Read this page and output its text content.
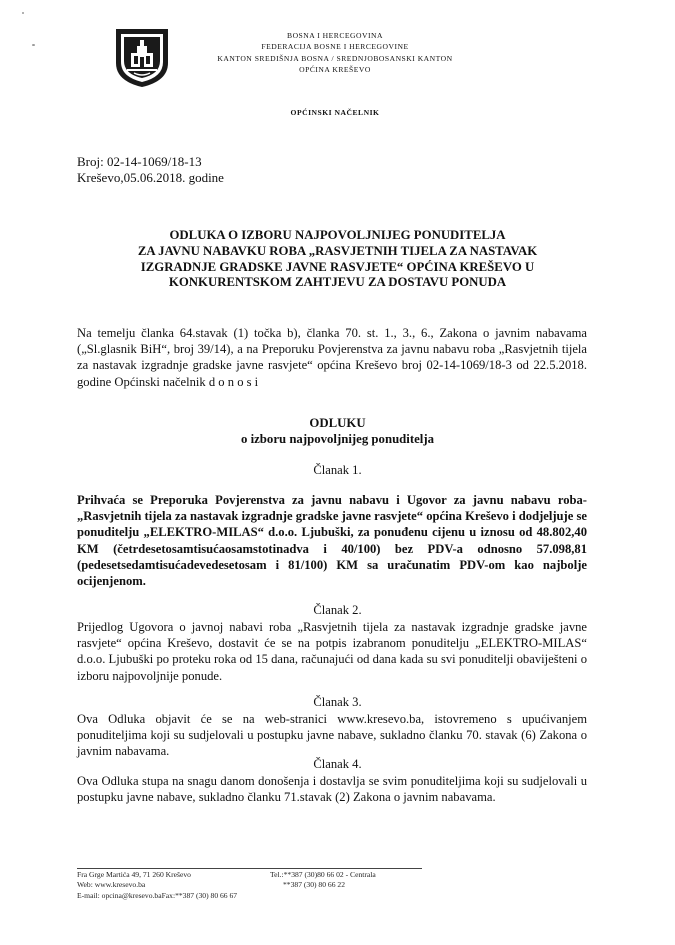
BOSNA I HERCEGOVINA
FEDERACIJA BOSNE I HERCEGOVINE
KANTON SREDIŠNJA BOSNA / SREDNJOBOSANSKI KANTON
OPĆINA KREŠEVO
OPĆINSKI NAČELNIK
Broj: 02-14-1069/18-13
Kreševo,05.06.2018. godine
ODLUKA O IZBORU NAJPOVOLJNIJEG PONUDITELJA
ZA JAVNU NABAVKU ROBA „RASVJETNIH TIJELA ZA NASTAVAK
IZGRADNJE GRADSKE JAVNE RASVJETE“ OPĆINA KREŠEVO U
KONKURENTSKOM ZAHTJEVU ZA DOSTAVU PONUDA
Na temelju članka 64.stavak (1) točka b), članka 70. st. 1., 3., 6., Zakona o javnim nabavama („Sl.glasnik BiH“, broj 39/14), a na Preporuku Povjerenstva za javnu nabavu roba „Rasvjetnih tijela za nastavak izgradnje gradske javne rasvjete“ općina Kreševo broj 02-14-1069/18-3 od 22.5.2018. godine Općinski načelnik d o n o s i
ODLUKU
o izboru najpovoljnijeg ponuditelja
Članak 1.
Prihvaća se Preporuka Povjerenstva za javnu nabavu i Ugovor za javnu nabavu roba- „Rasvjetnih tijela za nastavak izgradnje gradske javne rasvjete“ općina Kreševo i dodjeljuje se ponuditelju „ELEKTRO-MILAS“ d.o.o. Ljubuški, za ponuđenu cijenu u iznosu od 48.802,40 KM (četrdesetosamtisućaosamstotinadva i 40/100) bez PDV-a odnosno 57.098,81 (pedesetsedamtisućadevedesetosam i 81/100) KM sa uračunatim PDV-om kao najbolje ocijenjenom.
Članak 2.
Prijedlog Ugovora o javnoj nabavi roba „Rasvjetnih tijela za nastavak izgradnje gradske javne rasvjete“ općina Kreševo, dostavit će se na potpis izabranom ponuditelju „ELEKTRO-MILAS“ d.o.o. Ljubuški po proteku roka od 15 dana, računajući od dana kada su svi ponuditelji obaviješteni o izboru najpovoljnije ponude.
Članak 3.
Ova Odluka objavit će se na web-stranici www.kresevo.ba, istovremeno s upućivanjem ponuditeljima koji su sudjelovali u postupku javne nabave, sukladno članku 70. stavak (6) Zakona o javnim nabavama.
Članak 4.
Ova Odluka stupa na snagu danom donošenja i dostavlja se svim ponuditeljima koji su sudjelovali u postupku javne nabave, sukladno članku 71.stavak (2) Zakona o javnim nabavama.
Fra Grge Martića 49, 71 260 Kreševo
Web: www.kresevo.ba
E-mail: opcina@kresevo.baFax:**387 (30) 80 66 67
Tel.:**387 (30)80 66 02 - Centrala
**387 (30) 80 66 22
